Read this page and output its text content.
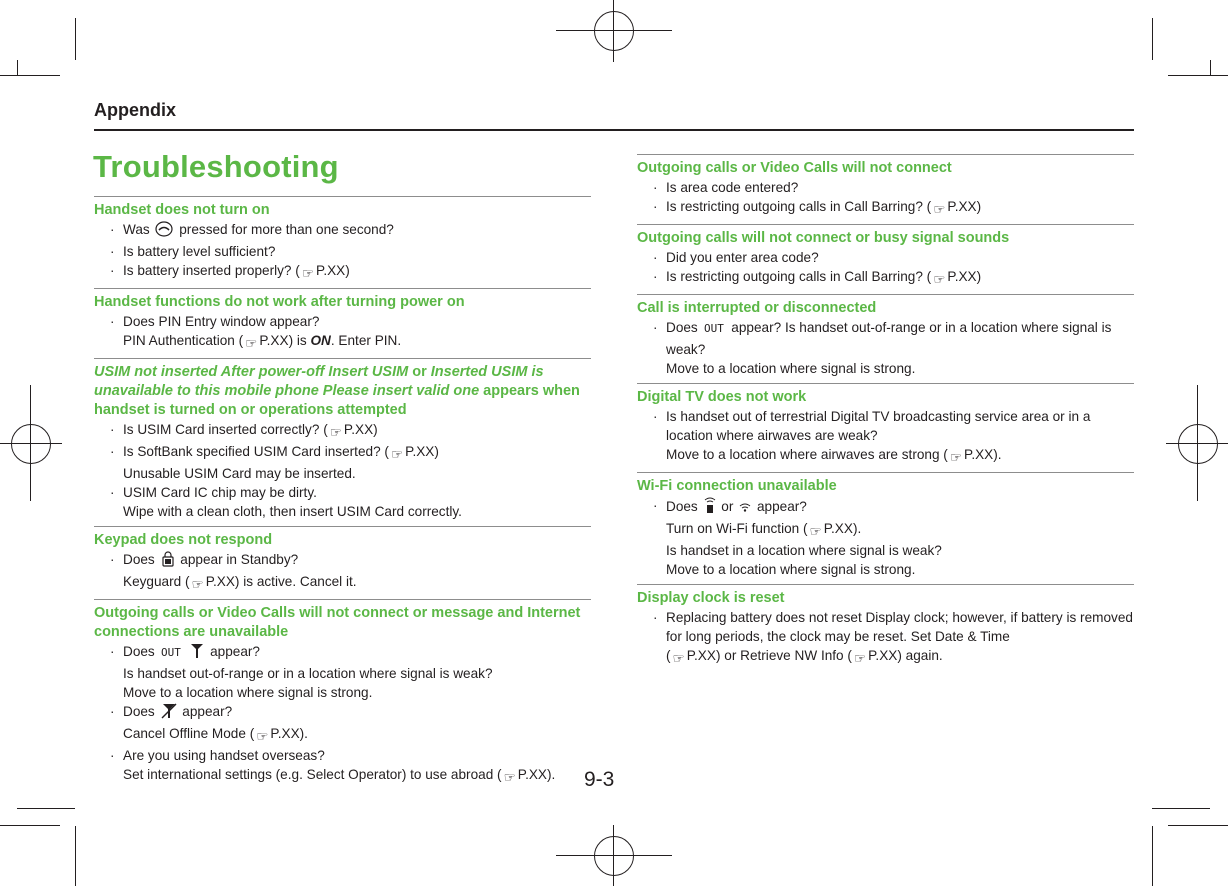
Appendix
Troubleshooting
Handset does not turn on
· Was pressed for more than one second?
· Is battery level sufficient?
· Is battery inserted properly? ( ☞ P.XX)
Handset functions do not work after turning power on
· Does PIN Entry window appear?
PIN Authentication ( ☞ P.XX) is ON. Enter PIN.
USIM not inserted After power-off Insert USIM or Inserted USIM is unavailable to this mobile phone Please insert valid one appears when handset is turned on or operations attempted
· Is USIM Card inserted correctly? ( ☞ P.XX)
· Is SoftBank specified USIM Card inserted? ( ☞ P.XX)
Unusable USIM Card may be inserted.
· USIM Card IC chip may be dirty.
Wipe with a clean cloth, then insert USIM Card correctly.
Keypad does not respond
· Does appear in Standby?
Keyguard ( ☞ P.XX) is active. Cancel it.
Outgoing calls or Video Calls will not connect or message and Internet connections are unavailable
· Does OUT appear?
Is handset out-of-range or in a location where signal is weak?
Move to a location where signal is strong.
· Does appear?
Cancel Offline Mode ( ☞ P.XX).
· Are you using handset overseas?
Set international settings (e.g. Select Operator) to use abroad ( ☞ P.XX).
Outgoing calls or Video Calls will not connect
· Is area code entered?
· Is restricting outgoing calls in Call Barring? ( ☞ P.XX)
Outgoing calls will not connect or busy signal sounds
· Did you enter area code?
· Is restricting outgoing calls in Call Barring? ( ☞ P.XX)
Call is interrupted or disconnected
· Does OUT appear? Is handset out-of-range or in a location where signal is weak?
Move to a location where signal is strong.
Digital TV does not work
· Is handset out of terrestrial Digital TV broadcasting service area or in a location where airwaves are weak?
Move to a location where airwaves are strong ( ☞ P.XX).
Wi-Fi connection unavailable
· Does or appear?
Turn on Wi-Fi function ( ☞ P.XX).
Is handset in a location where signal is weak?
Move to a location where signal is strong.
Display clock is reset
· Replacing battery does not reset Display clock; however, if battery is removed for long periods, the clock may be reset. Set Date & Time
( ☞ P.XX) or Retrieve NW Info ( ☞ P.XX) again.
9-3
